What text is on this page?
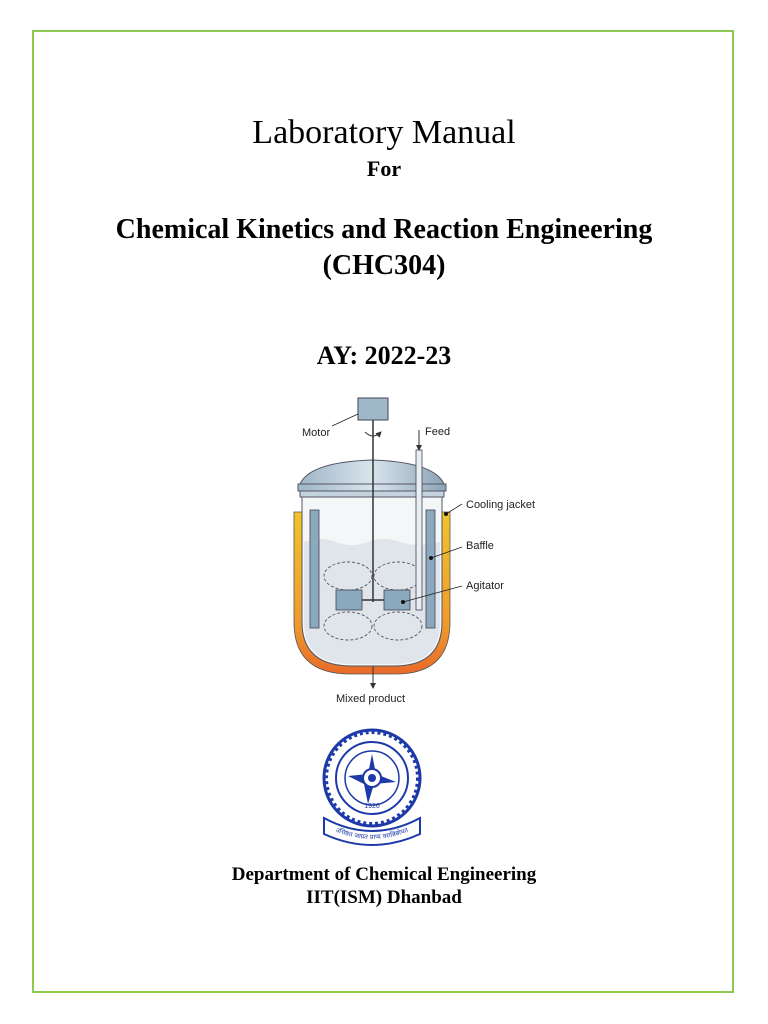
Laboratory Manual
For
Chemical Kinetics and Reaction Engineering
(CHC304)
AY: 2022-23
Motor	Feed
Cooling jacket
Baffle
Agitator
Mixed product
1926
उत्तिष्ठत जाग्रत प्राप्य वरान्निबोधत
Department of Chemical Engineering
IIT(ISM) Dhanbad
